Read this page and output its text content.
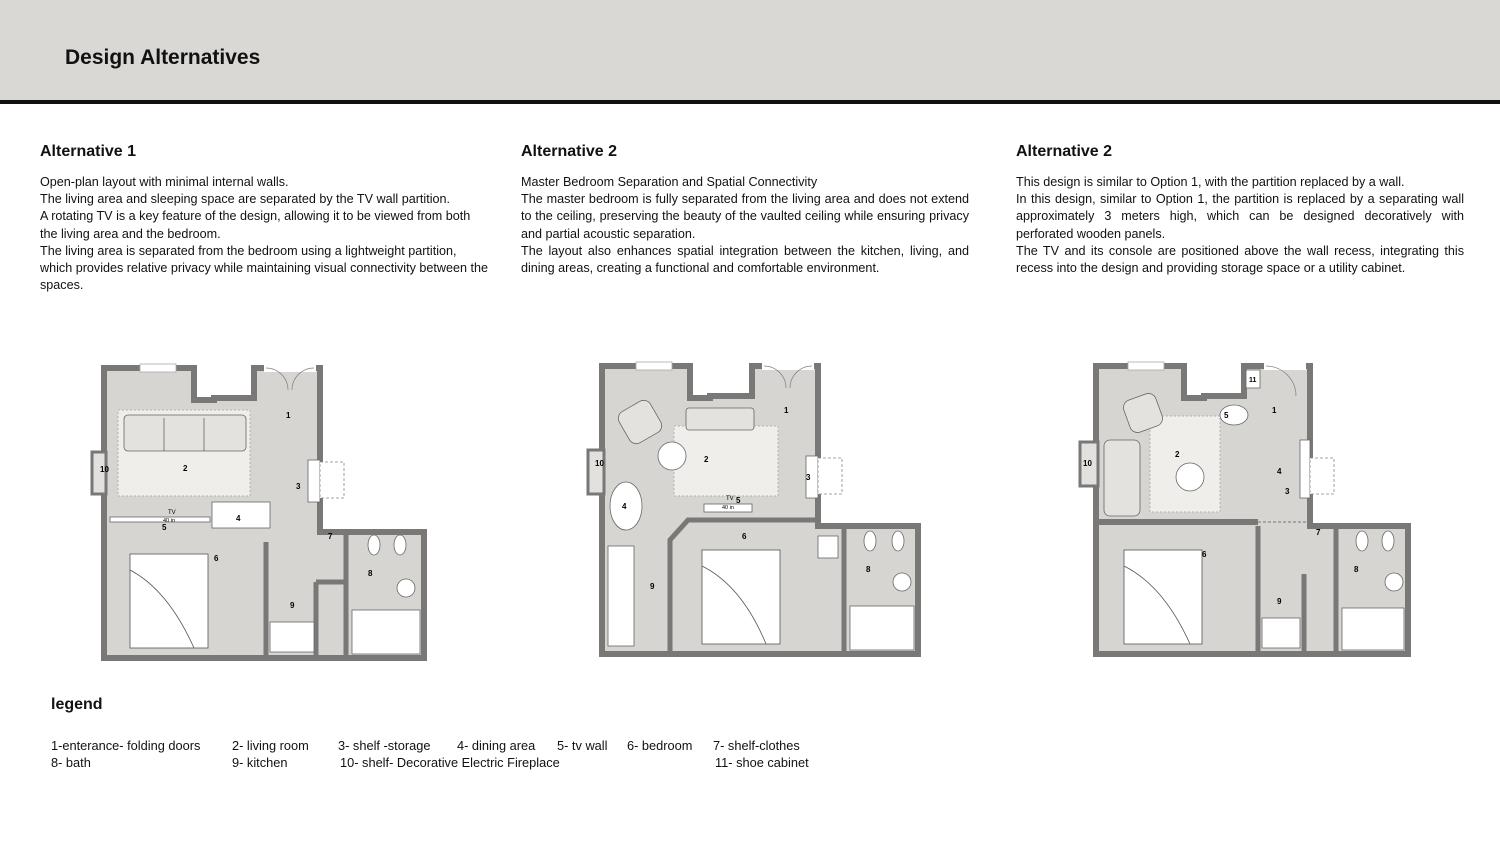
Design Alternatives
Alternative 1

Open-plan layout with minimal internal walls.

The living area and sleeping space are separated by the TV wall partition.

A rotating TV is a key feature of the design, allowing it to be viewed from both the living area and the bedroom.

The living area is separated from the bedroom using a lightweight partition, which provides relative privacy while maintaining visual connectivity between the spaces.

Alternative 2

Master Bedroom Separation and Spatial Connectivity

The master bedroom is fully separated from the living area and does not extend to the ceiling, preserving the beauty of the vaulted ceiling while ensuring privacy and partial acoustic separation.

The layout also enhances spatial integration between the kitchen, living, and dining areas, creating a functional and comfortable environment.

Alternative 2

This design is similar to Option 1, with the partition replaced by a wall.

In this design, similar to Option 1, the partition is replaced by a separating wall approximately 3 meters high, which can be designed decoratively with perforated wooden panels.

The TV and its console are positioned above the wall recess, integrating this recess into the design and providing storage space or a utility cabinet.

10
1
2
3
4
TV
40 in
5
6
7
8
9
10
1
2
3
4
TV
40 in
5
6
8
9
11
10
1
2
3
4
5
6
7
8
9
legend
1-enterance- folding doors 2- living room 3- shelf -storage 4- dining area 5- tv wall 6- bedroom 7- shelf-clothes
8- bath	9- kitchen	10- shelf- Decorative Electric Fireplace	11- shoe cabinet
